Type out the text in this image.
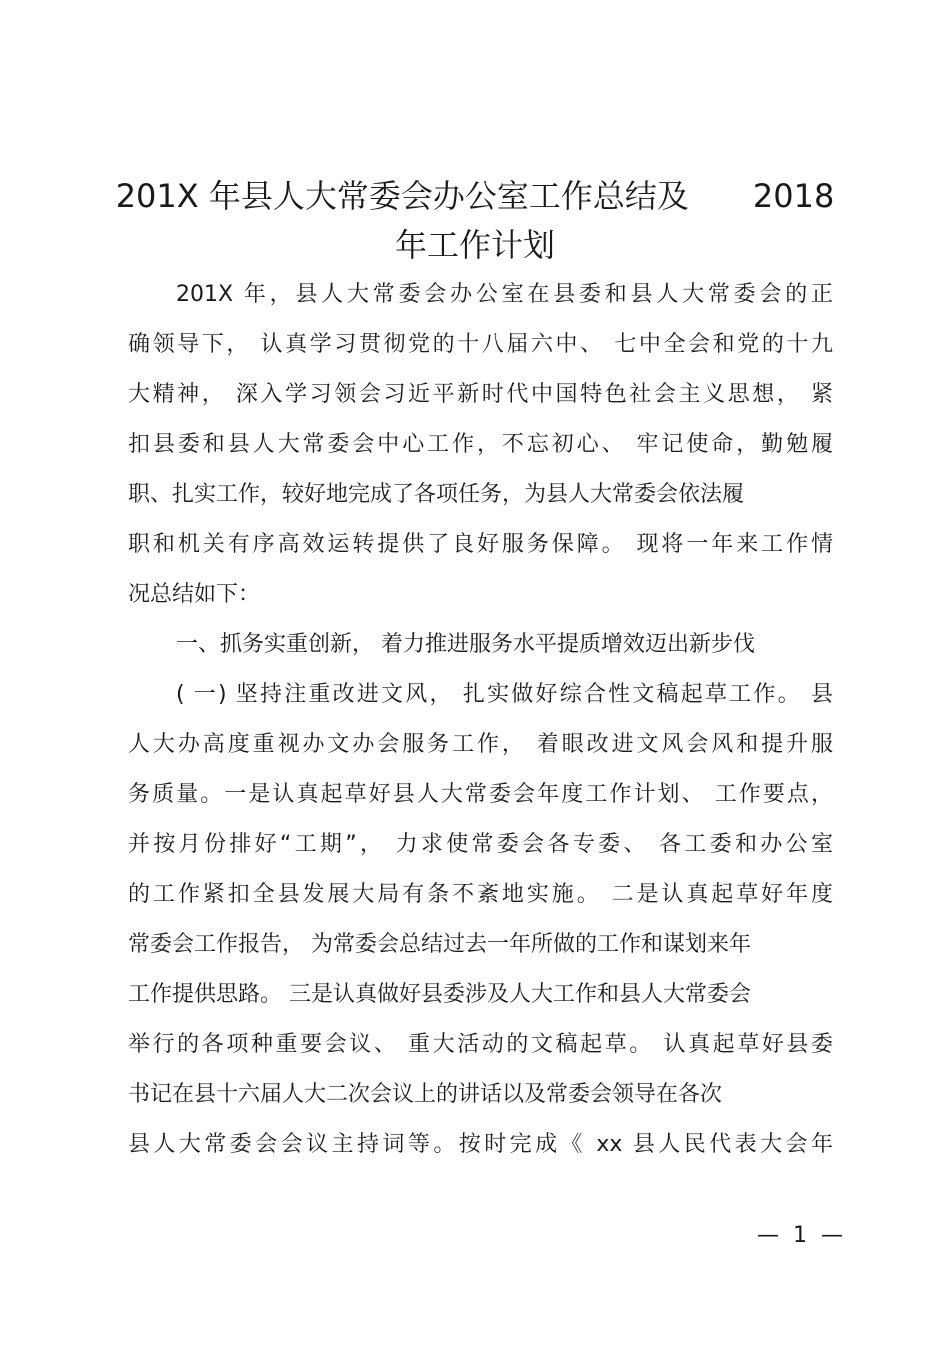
201X 年县人大常委会办公室工作总结及　　2018
年工作计划
201X 年，县人大常委会办公室在县委和县人大常委会的正
确领导下， 认真学习贯彻党的十八届六中、 七中全会和党的十九
大精神， 深入学习领会习近平新时代中国特色社会主义思想， 紧
扣县委和县人大常委会中心工作，不忘初心、 牢记使命，勤勉履
职、扎实工作，较好地完成了各项任务，为县人大常委会依法履
职和机关有序高效运转提供了良好服务保障。 现将一年来工作情
况总结如下：
一、抓务实重创新， 着力推进服务水平提质增效迈出新步伐
( 一) 坚持注重改进文风， 扎实做好综合性文稿起草工作。 县
人大办高度重视办文办会服务工作， 着眼改进文风会风和提升服
务质量。一是认真起草好县人大常委会年度工作计划、 工作要点，
并按月份排好“工期”， 力求使常委会各专委、 各工委和办公室
的工作紧扣全县发展大局有条不紊地实施。 二是认真起草好年度
常委会工作报告， 为常委会总结过去一年所做的工作和谋划来年
工作提供思路。 三是认真做好县委涉及人大工作和县人大常委会
举行的各项种重要会议、 重大活动的文稿起草。 认真起草好县委
书记在县十六届人大二次会议上的讲话以及常委会领导在各次
县人大常委会会议主持词等。按时完成《 xx 县人民代表大会年
—  1  —
